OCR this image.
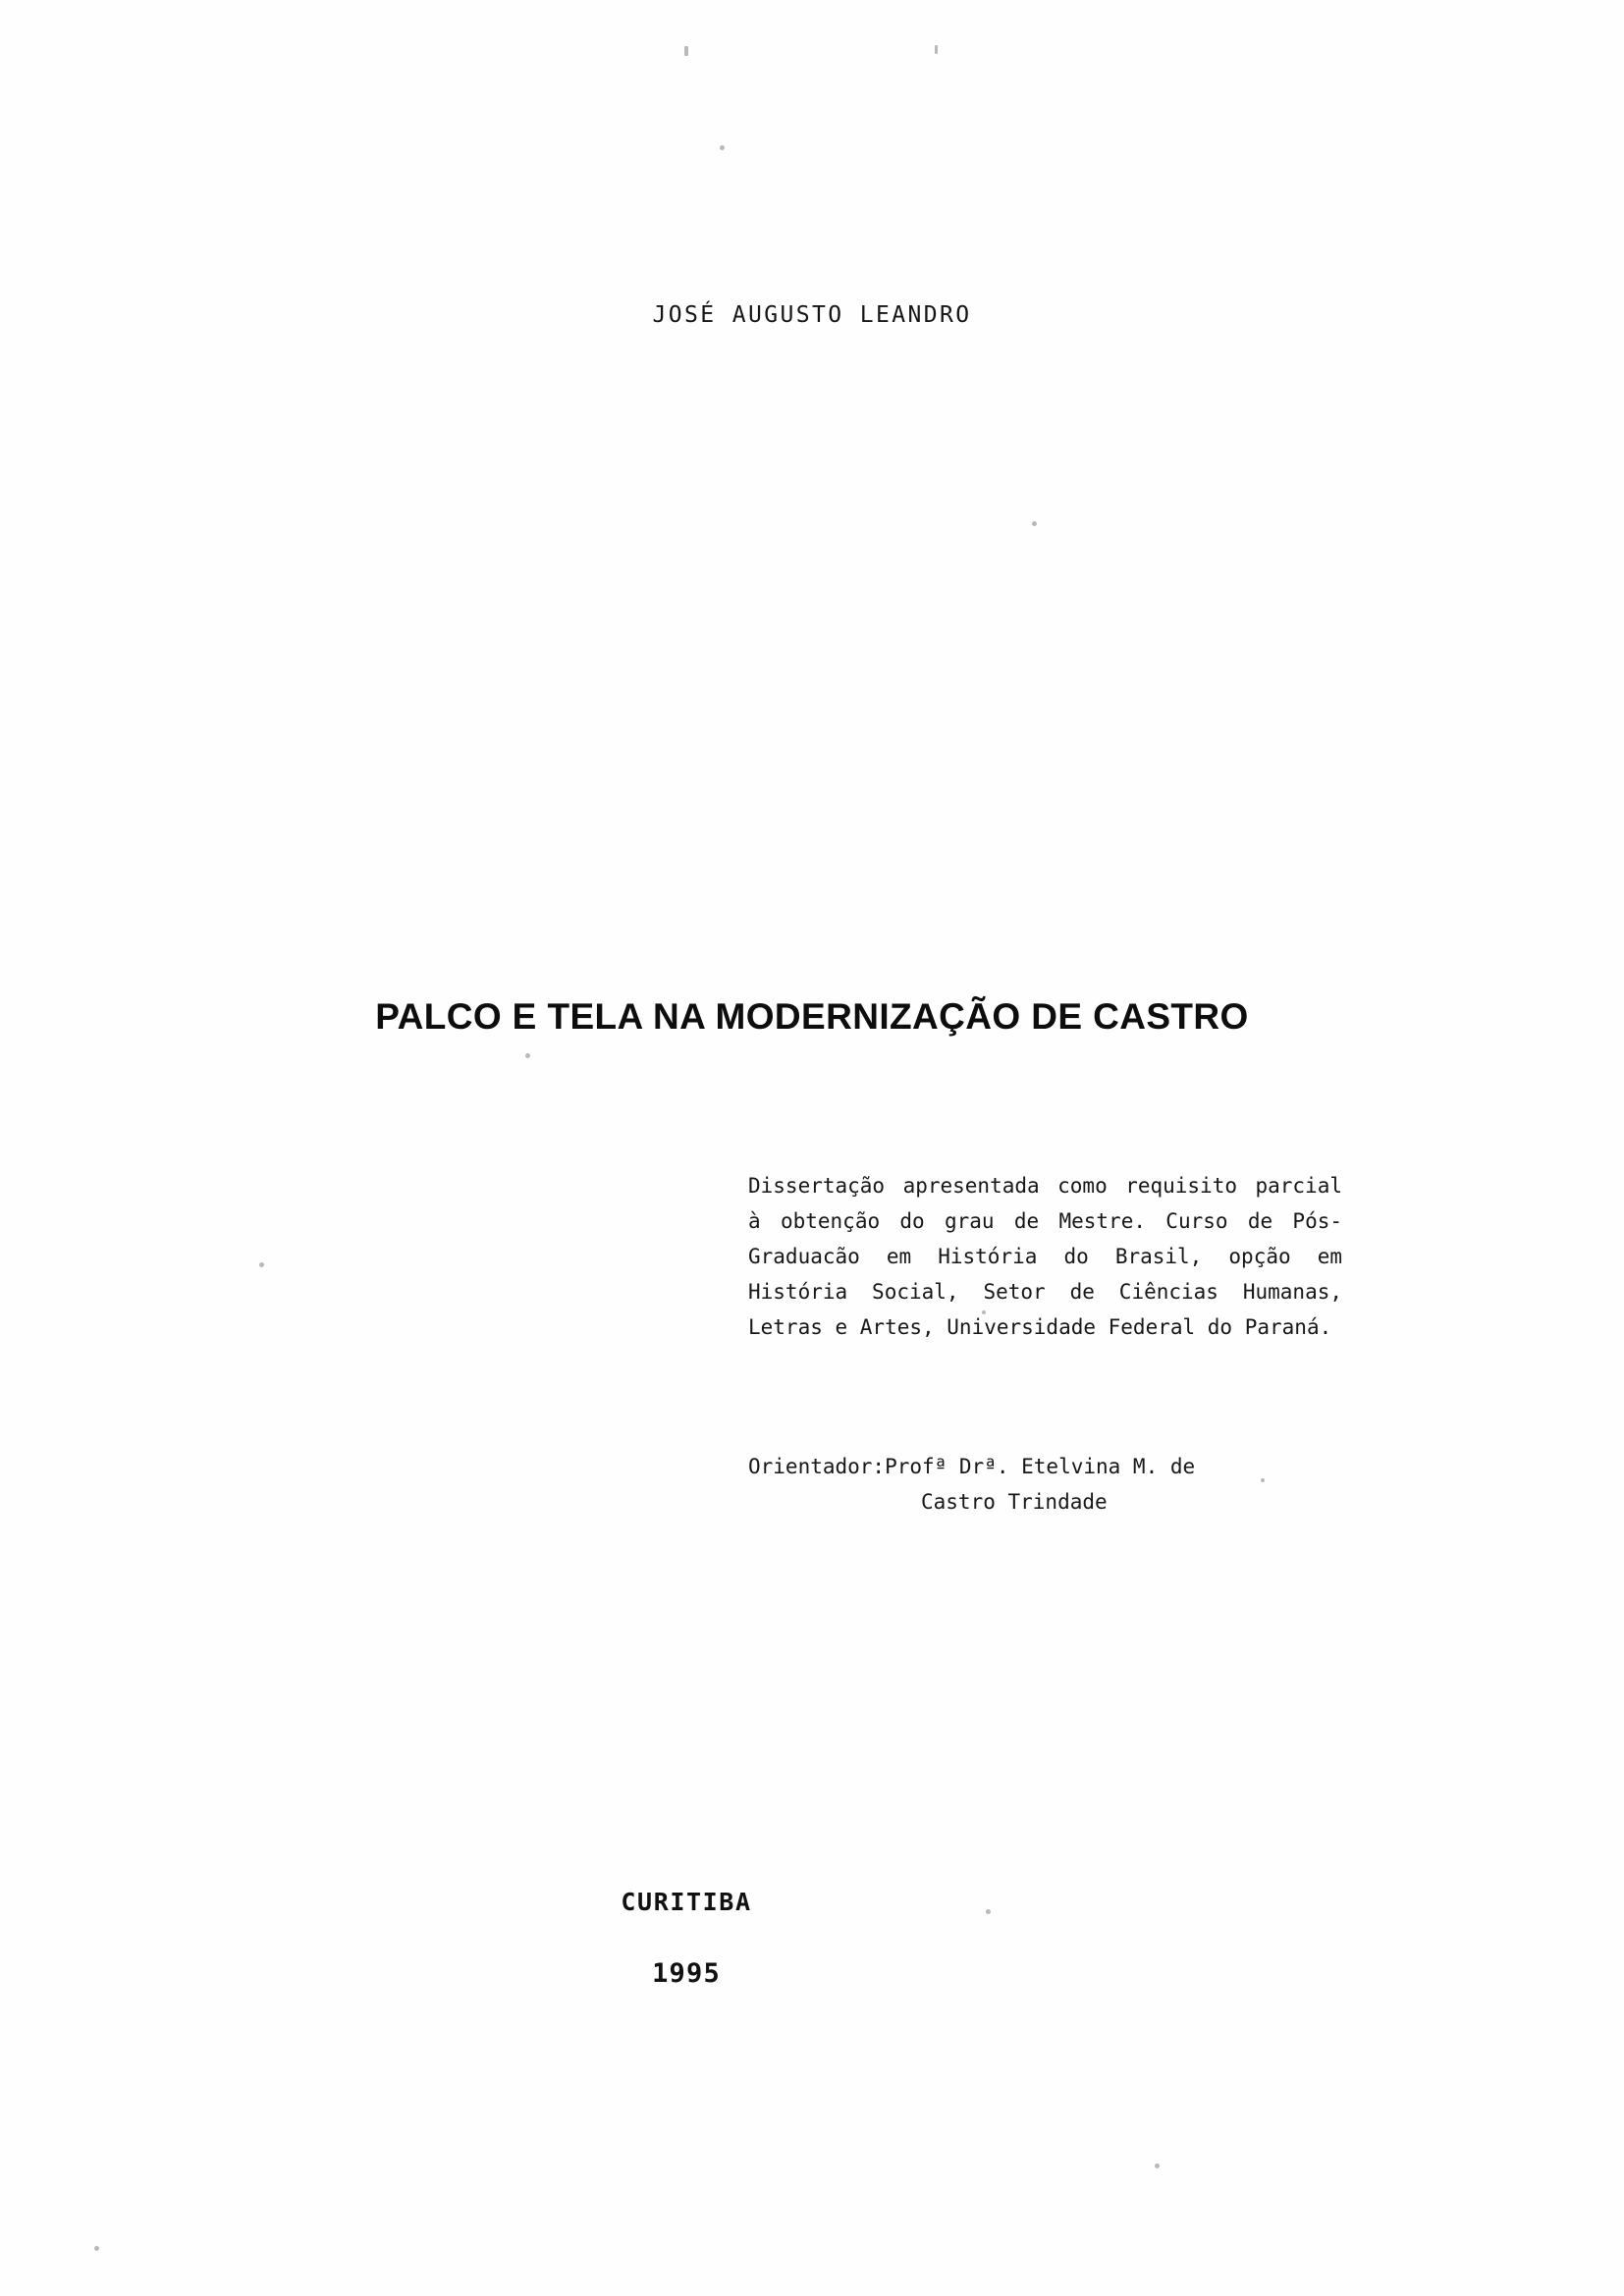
JOSÉ AUGUSTO LEANDRO
PALCO E TELA NA MODERNIZAÇÃO DE CASTRO

Dissertação apresentada como requisito parcial à obtenção do grau de Mestre. Curso de Pós-Graduacão em História do Brasil, opção em História Social, Setor de Ciências Humanas, Letras e Artes, Universidade Federal do Paraná.

Orientador:Profª Drª. Etelvina M. de

Castro Trindade

CURITIBA
1995
